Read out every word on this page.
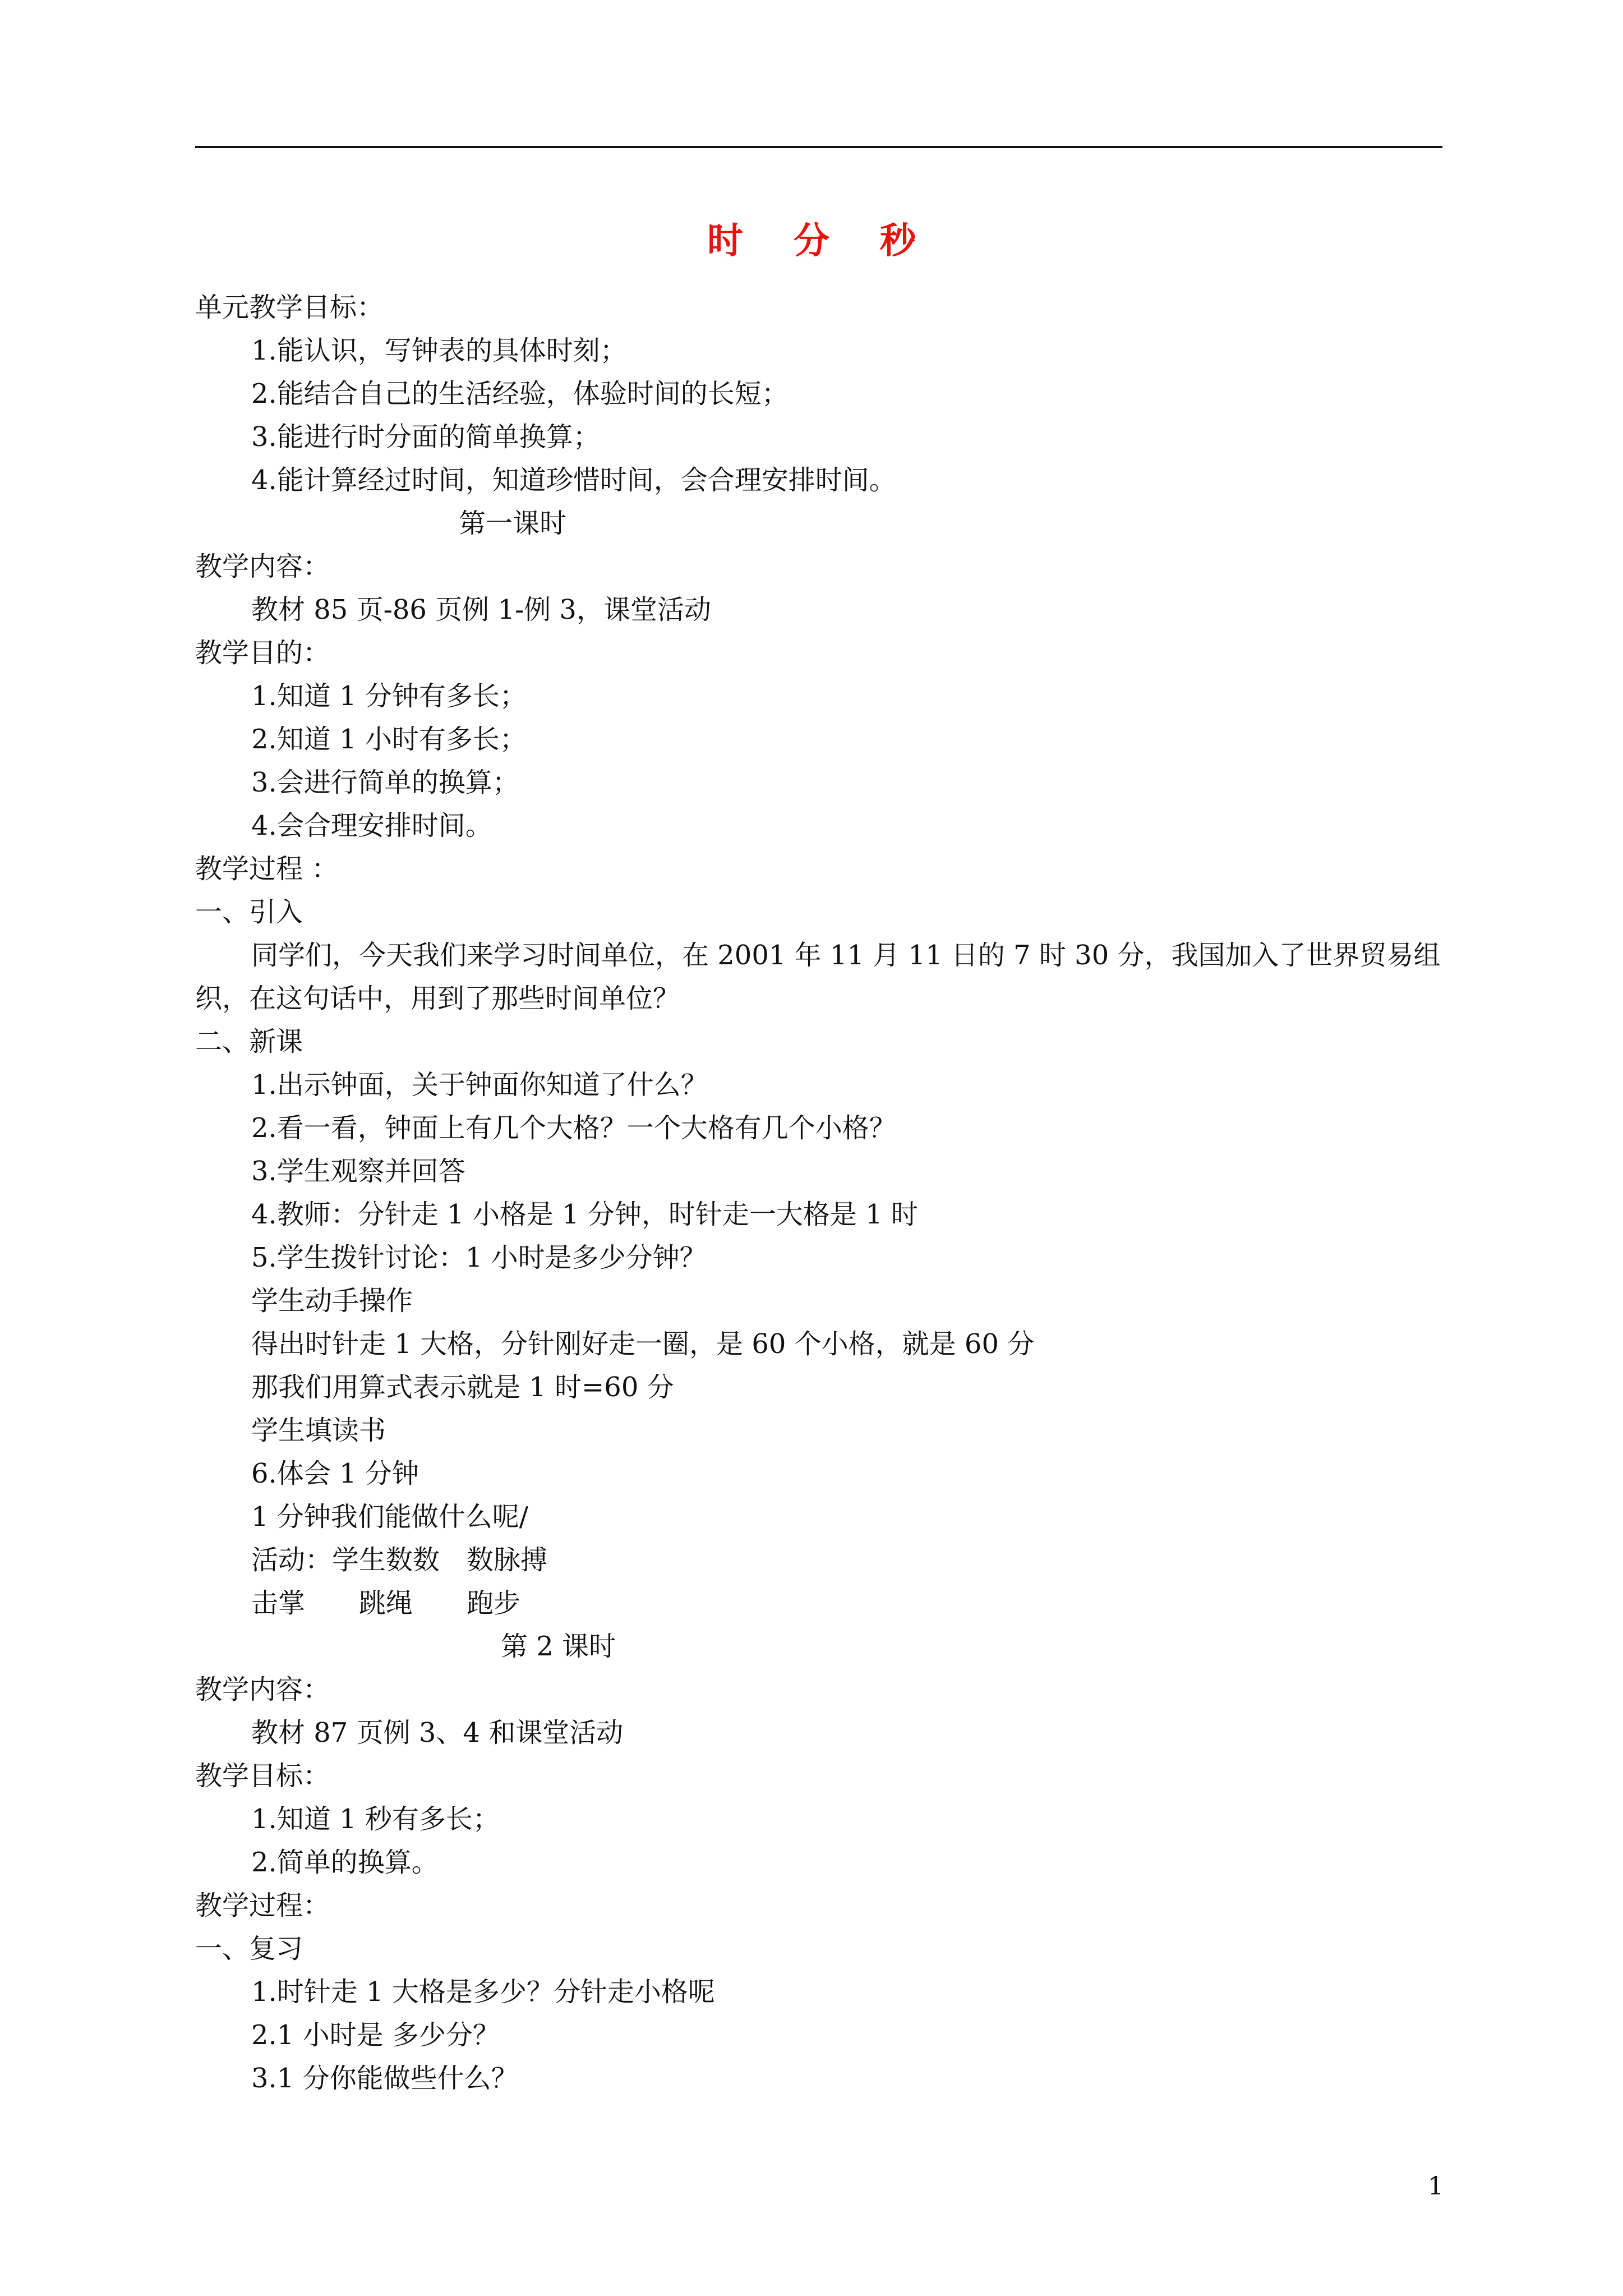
时分秒

单元教学目标：

1.能认识，写钟表的具体时刻；

2.能结合自己的生活经验，体验时间的长短；

3.能进行时分面的简单换算；

4.能计算经过时间，知道珍惜时间，会合理安排时间。

第一课时

教学内容：

教材 85 页-86 页例 1-例 3，课堂活动

教学目的：

1.知道 1 分钟有多长；

2.知道 1 小时有多长；

3.会进行简单的换算；

4.会合理安排时间。

教学过程 ：

一、引入

同学们，今天我们来学习时间单位，在 2001 年 11 月 11 日的 7 时 30 分，我国加入了世界贸易组织，在这句话中，用到了那些时间单位？

二、新课

1.出示钟面，关于钟面你知道了什么？

2.看一看，钟面上有几个大格？一个大格有几个小格？

3.学生观察并回答

4.教师：分针走 1 小格是 1 分钟，时针走一大格是 1 时

5.学生拨针讨论：1 小时是多少分钟？

学生动手操作

得出时针走 1 大格，分针刚好走一圈，是 60 个小格，就是 60 分

那我们用算式表示就是 1 时=60 分

学生填读书

6.体会 1 分钟

1 分钟我们能做什么呢/

活动：学生数数　数脉搏

击掌　　跳绳　　跑步

第 2 课时

教学内容：

教材 87 页例 3、4 和课堂活动

教学目标：

1.知道 1 秒有多长；

2.简单的换算。

教学过程：

一、复习

1.时针走 1 大格是多少？分针走小格呢

2.1 小时是 多少分？

3.1 分你能做些什么？

1
